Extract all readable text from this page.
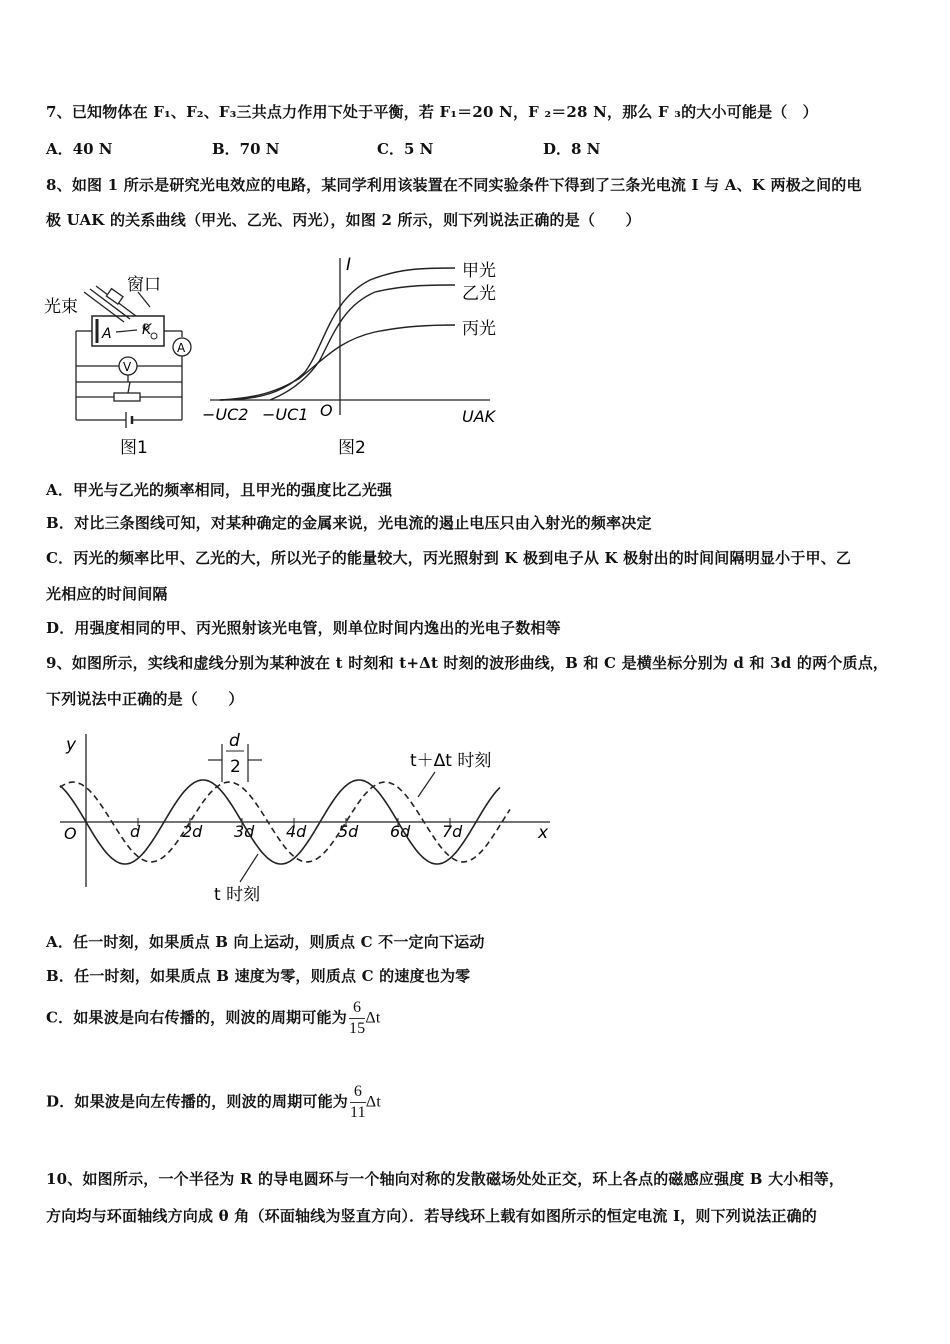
7、已知物体在 F₁、F₂、F₃三共点力作用下处于平衡，若 F₁＝20 N，F ₂＝28 N，那么 F ₃的大小可能是（　）
A．40 N	B．70 N	C．5 N	D．8 N
8、如图 1 所示是研究光电效应的电路，某同学利用该装置在不同实验条件下得到了三条光电流 I 与 A、K 两极之间的电
极 UAK 的关系曲线（甲光、乙光、丙光），如图 2 所示，则下列说法正确的是（　　）
窗口
光束
A K
A
V
图1
I
UAK
O
−UC2 −UC1
甲光
乙光
丙光
图2
A．甲光与乙光的频率相同，且甲光的强度比乙光强
B．对比三条图线可知，对某种确定的金属来说，光电流的遏止电压只由入射光的频率决定
C．丙光的频率比甲、乙光的大，所以光子的能量较大，丙光照射到 K 极到电子从 K 极射出的时间间隔明显小于甲、乙
光相应的时间间隔
D．用强度相同的甲、丙光照射该光电管，则单位时间内逸出的光电子数相等
9、如图所示，实线和虚线分别为某种波在 t 时刻和 t+Δt 时刻的波形曲线，B 和 C 是横坐标分别为 d 和 3d 的两个质点，
下列说法中正确的是（　　）
y
x
O	d	2d 3d 4d 5d 6d 7d
d
2	t＋Δt 时刻
t 时刻
A．任一时刻，如果质点 B 向上运动，则质点 C 不一定向下运动
B．任一时刻，如果质点 B 速度为零，则质点 C 的速度也为零
C．如果波是向右传播的，则波的周期可能为 $\frac{6}{15}$ Δt
D．如果波是向左传播的，则波的周期可能为 $\frac{6}{11}$ Δt
10、如图所示，一个半径为 R 的导电圆环与一个轴向对称的发散磁场处处正交，环上各点的磁感应强度 B 大小相等，
方向均与环面轴线方向成 θ 角（环面轴线为竖直方向）．若导线环上载有如图所示的恒定电流 I，则下列说法正确的
